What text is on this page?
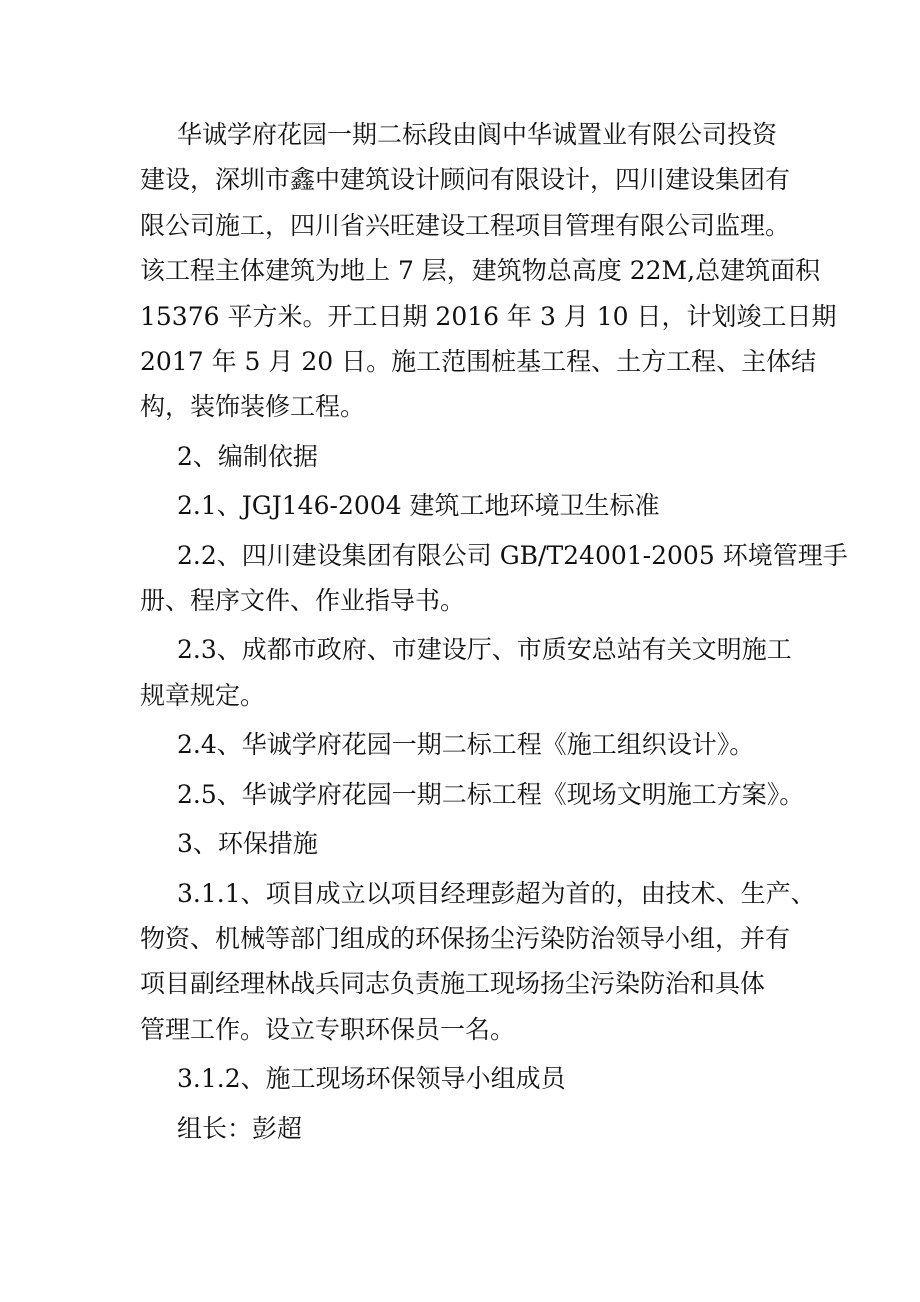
华诚学府花园一期二标段由阆中华诚置业有限公司投资
建设，深圳市鑫中建筑设计顾问有限设计，四川建设集团有
限公司施工，四川省兴旺建设工程项目管理有限公司监理。
该工程主体建筑为地上 7 层，建筑物总高度 22M,总建筑面积
15376 平方米。开工日期 2016 年 3 月 10 日，计划竣工日期
2017 年 5 月 20 日。施工范围桩基工程、土方工程、主体结
构，装饰装修工程。
2、编制依据
2.1、JGJ146-2004 建筑工地环境卫生标准
2.2、四川建设集团有限公司 GB/T24001-2005 环境管理手
册、程序文件、作业指导书。
2.3、成都市政府、市建设厅、市质安总站有关文明施工
规章规定。
2.4、华诚学府花园一期二标工程《施工组织设计》。
2.5、华诚学府花园一期二标工程《现场文明施工方案》。
3、环保措施
3.1.1、项目成立以项目经理彭超为首的，由技术、生产、
物资、机械等部门组成的环保扬尘污染防治领导小组，并有
项目副经理林战兵同志负责施工现场扬尘污染防治和具体
管理工作。设立专职环保员一名。
3.1.2、施工现场环保领导小组成员
组长：彭超
